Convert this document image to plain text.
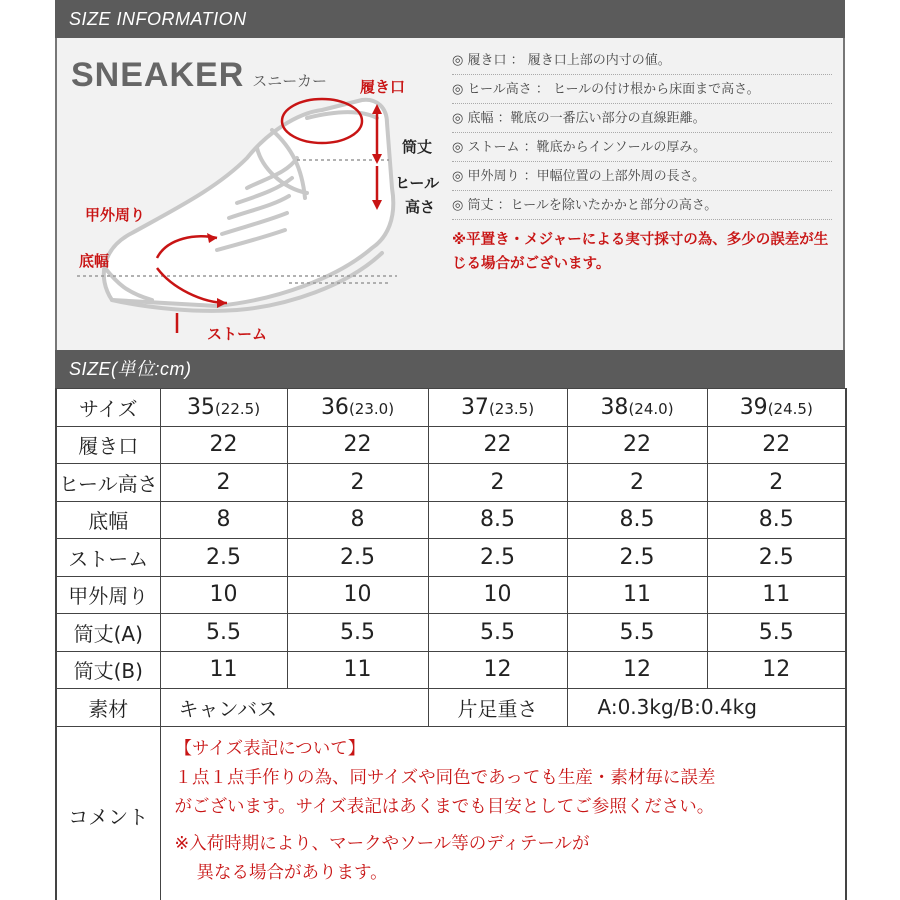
SIZE INFORMATION
SNEAKER スニーカー 履き口
筒丈
ヒール
高さ
甲外周り
底幅
ストーム
◎ 履き口 ： 履き口上部の内寸の値。
◎ ヒール高さ ： ヒールの付け根から床面まで高さ。
◎ 底幅 ：靴底の一番広い部分の直線距離。
◎ ストーム ：靴底からインソールの厚み。
◎ 甲外周り ：甲幅位置の上部外周の長さ。
◎ 筒丈 ：ヒールを除いたかかと部分の高さ。
※平置き・メジャーによる実寸採寸の為、多少の誤差が生じる場合がございます。
SIZE(単位:cm)
サイズ	35(22.5)	36(23.0)	37(23.5)	38(24.0)	39(24.5)
履き口	22	22	22	22	22
ヒール高さ	2	2	2	2	2
底幅	8	8	8.5	8.5	8.5
ストーム	2.5	2.5	2.5	2.5	2.5
甲外周り	10	10	10	11	11
筒丈(A)	5.5	5.5	5.5	5.5	5.5
筒丈(B)	11	11	12	12	12
素材	キャンバス		片足重さ	A:0.3kg/B:0.4kg	
コメント	【サイズ表記について】
１点１点手作りの為、同サイズや同色であっても生産・素材毎に誤差
がございます。サイズ表記はあくまでも目安としてご参照ください。
※入荷時期により、マークやソール等のディテールが
異なる場合があります。				
